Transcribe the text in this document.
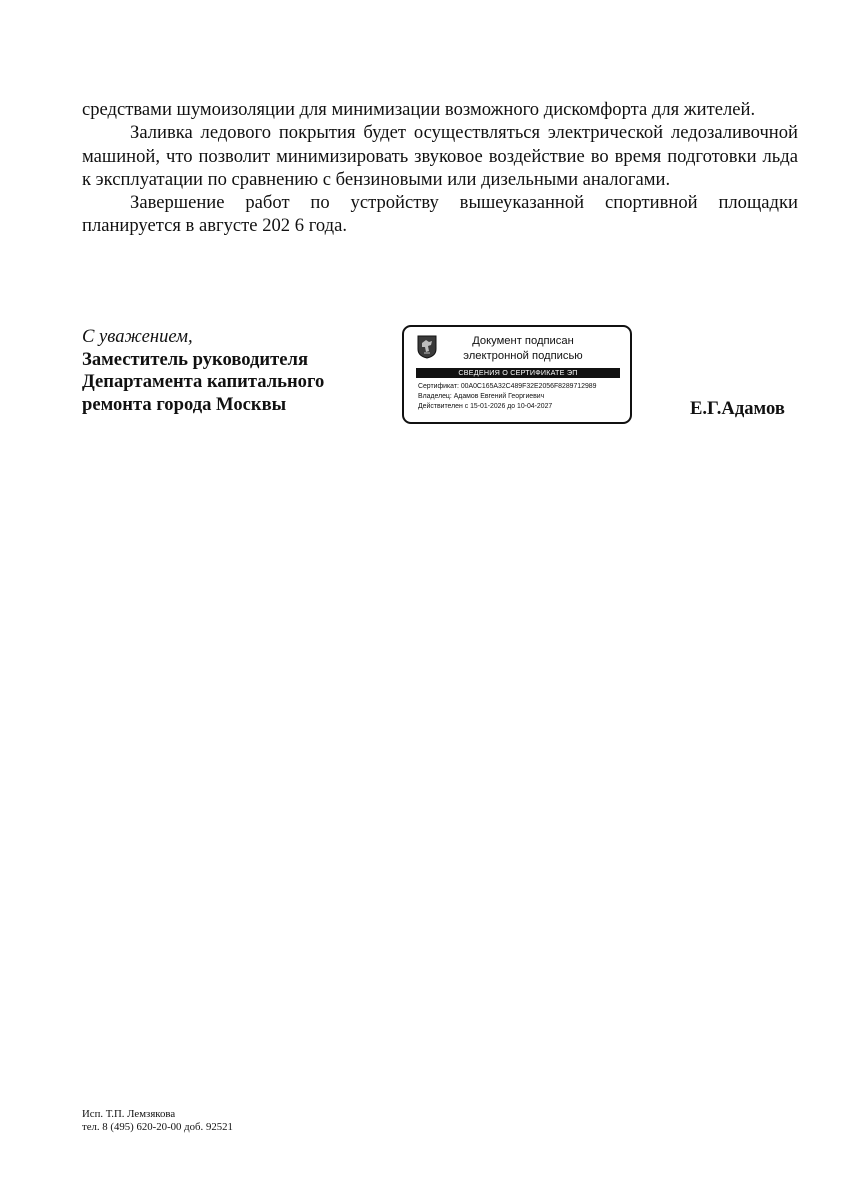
средствами шумоизоляции для минимизации возможного дискомфорта для жителей.

Заливка ледового покрытия будет осуществляться электрической ледозаливочной машиной, что позволит минимизировать звуковое воздействие во время подготовки льда к эксплуатации по сравнению с бензиновыми или дизельными аналогами.

Завершение работ по устройству вышеуказанной спортивной площадки планируется в августе 202 6 года.

С уважением,
Заместитель руководителя
Департамента капитального
ремонта города Москвы
Документ подписан
электронной подписью
СВЕДЕНИЯ О СЕРТИФИКАТЕ ЭП
Сертификат: 00A0C165A32C489F32E2056F8289712989
Владелец: Адамов Евгений Георгиевич
Действителен с 15-01-2026 до 10-04-2027	Е.Г.Адамов
Исп. Т.П. Лемзякова
тел. 8 (495) 620-20-00 доб. 92521
